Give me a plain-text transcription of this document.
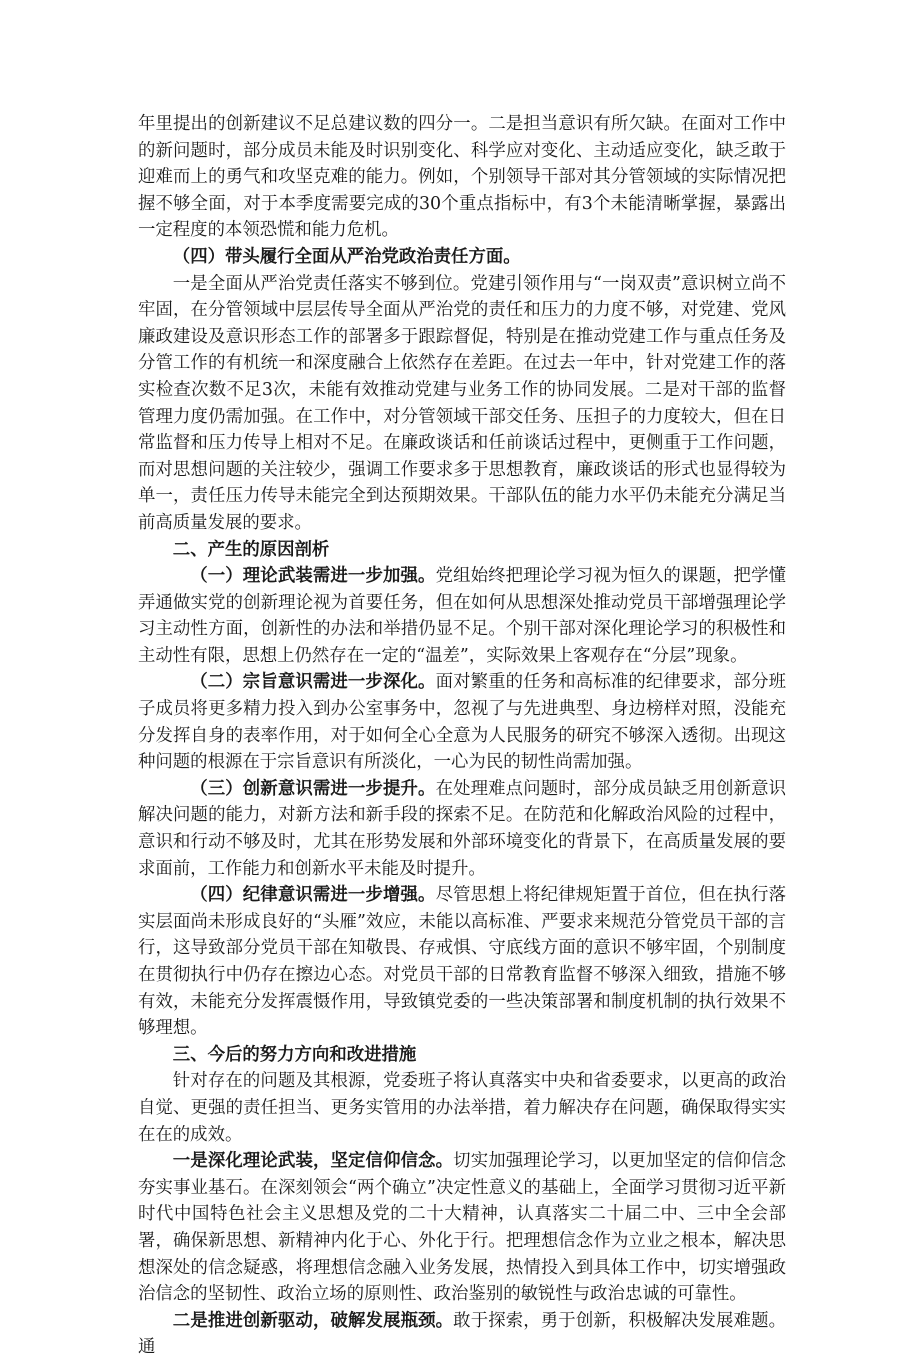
年里提出的创新建议不足总建议数的四分一。二是担当意识有所欠缺。在面对工作中的新问题时，部分成员未能及时识别变化、科学应对变化、主动适应变化，缺乏敢于迎难而上的勇气和攻坚克难的能力。例如，个别领导干部对其分管领域的实际情况把握不够全面，对于本季度需要完成的30个重点指标中，有3个未能清晰掌握，暴露出一定程度的本领恐慌和能力危机。

（四）带头履行全面从严治党政治责任方面。

一是全面从严治党责任落实不够到位。党建引领作用与“一岗双责”意识树立尚不牢固，在分管领域中层层传导全面从严治党的责任和压力的力度不够，对党建、党风廉政建设及意识形态工作的部署多于跟踪督促，特别是在推动党建工作与重点任务及分管工作的有机统一和深度融合上依然存在差距。在过去一年中，针对党建工作的落实检查次数不足3次，未能有效推动党建与业务工作的协同发展。二是对干部的监督管理力度仍需加强。在工作中，对分管领域干部交任务、压担子的力度较大，但在日常监督和压力传导上相对不足。在廉政谈话和任前谈话过程中，更侧重于工作问题，而对思想问题的关注较少，强调工作要求多于思想教育，廉政谈话的形式也显得较为单一，责任压力传导未能完全到达预期效果。干部队伍的能力水平仍未能充分满足当前高质量发展的要求。

二、产生的原因剖析

（一）理论武装需进一步加强。党组始终把理论学习视为恒久的课题，把学懂弄通做实党的创新理论视为首要任务，但在如何从思想深处推动党员干部增强理论学习主动性方面，创新性的办法和举措仍显不足。个别干部对深化理论学习的积极性和主动性有限，思想上仍然存在一定的“温差”，实际效果上客观存在“分层”现象。

（二）宗旨意识需进一步深化。面对繁重的任务和高标准的纪律要求，部分班子成员将更多精力投入到办公室事务中，忽视了与先进典型、身边榜样对照，没能充分发挥自身的表率作用，对于如何全心全意为人民服务的研究不够深入透彻。出现这种问题的根源在于宗旨意识有所淡化，一心为民的韧性尚需加强。

（三）创新意识需进一步提升。在处理难点问题时，部分成员缺乏用创新意识解决问题的能力，对新方法和新手段的探索不足。在防范和化解政治风险的过程中，意识和行动不够及时，尤其在形势发展和外部环境变化的背景下，在高质量发展的要求面前，工作能力和创新水平未能及时提升。

（四）纪律意识需进一步增强。尽管思想上将纪律规矩置于首位，但在执行落实层面尚未形成良好的“头雁”效应，未能以高标准、严要求来规范分管党员干部的言行，这导致部分党员干部在知敬畏、存戒惧、守底线方面的意识不够牢固，个别制度在贯彻执行中仍存在擦边心态。对党员干部的日常教育监督不够深入细致，措施不够有效，未能充分发挥震慑作用，导致镇党委的一些决策部署和制度机制的执行效果不够理想。

三、今后的努力方向和改进措施

针对存在的问题及其根源，党委班子将认真落实中央和省委要求，以更高的政治自觉、更强的责任担当、更务实管用的办法举措，着力解决存在问题，确保取得实实在在的成效。

一是深化理论武装，坚定信仰信念。切实加强理论学习，以更加坚定的信仰信念夯实事业基石。在深刻领会“两个确立”决定性意义的基础上，全面学习贯彻习近平新时代中国特色社会主义思想及党的二十大精神，认真落实二十届二中、三中全会部署，确保新思想、新精神内化于心、外化于行。把理想信念作为立业之根本，解决思想深处的信念疑惑，将理想信念融入业务发展，热情投入到具体工作中，切实增强政治信念的坚韧性、政治立场的原则性、政治鉴别的敏锐性与政治忠诚的可靠性。

二是推进创新驱动，破解发展瓶颈。敢于探索，勇于创新，积极解决发展难题。通
